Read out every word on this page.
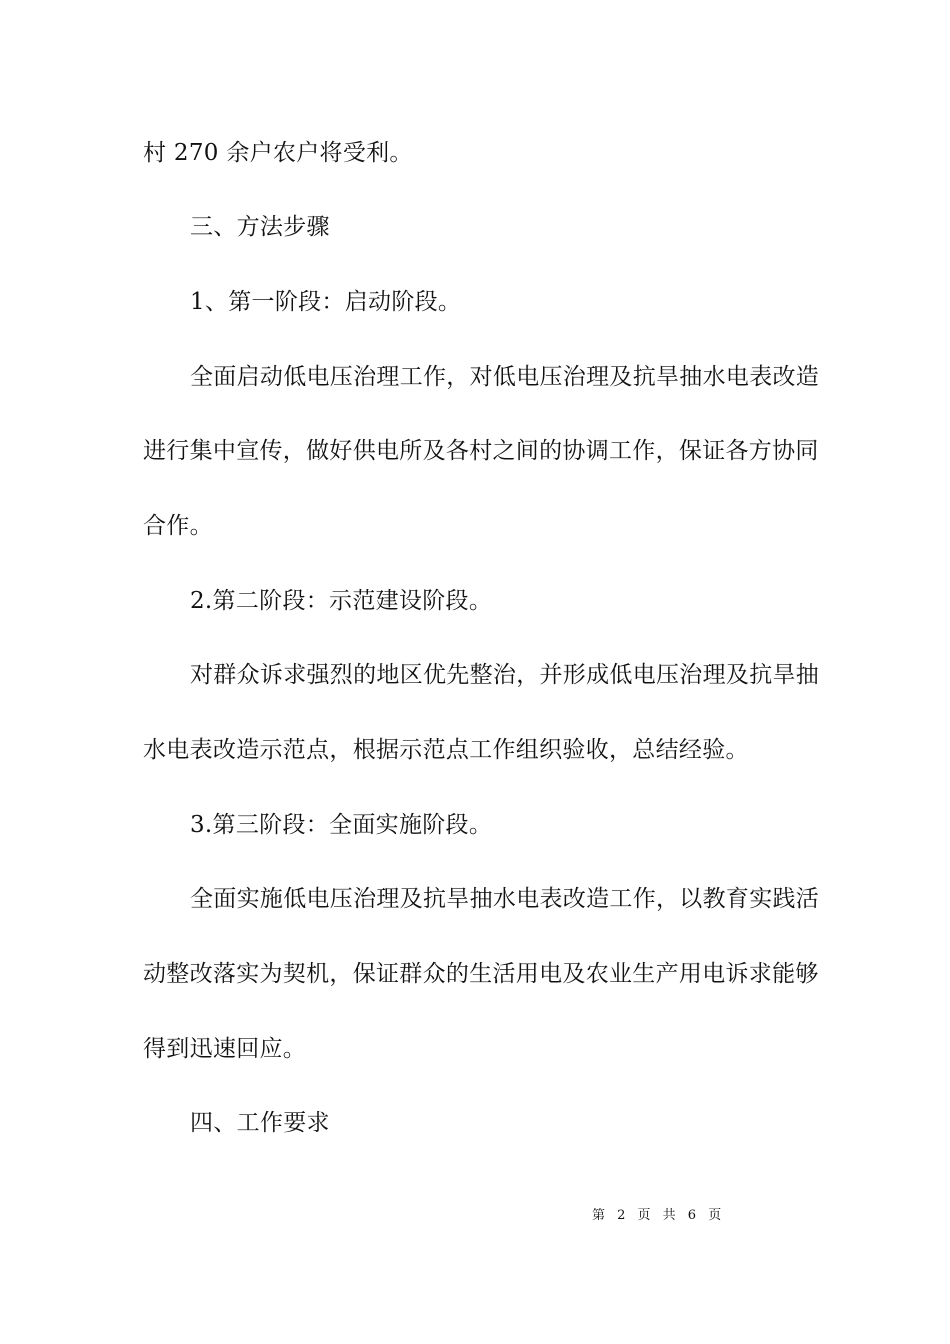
村 270 余户农户将受利。
三、方法步骤
1、第一阶段：启动阶段。
全面启动低电压治理工作，对低电压治理及抗旱抽水电表改造
进行集中宣传，做好供电所及各村之间的协调工作，保证各方协同
合作。
2.第二阶段：示范建设阶段。
对群众诉求强烈的地区优先整治，并形成低电压治理及抗旱抽
水电表改造示范点，根据示范点工作组织验收，总结经验。
3.第三阶段：全面实施阶段。
全面实施低电压治理及抗旱抽水电表改造工作，以教育实践活
动整改落实为契机，保证群众的生活用电及农业生产用电诉求能够
得到迅速回应。
四、工作要求
第 2 页 共 6 页
